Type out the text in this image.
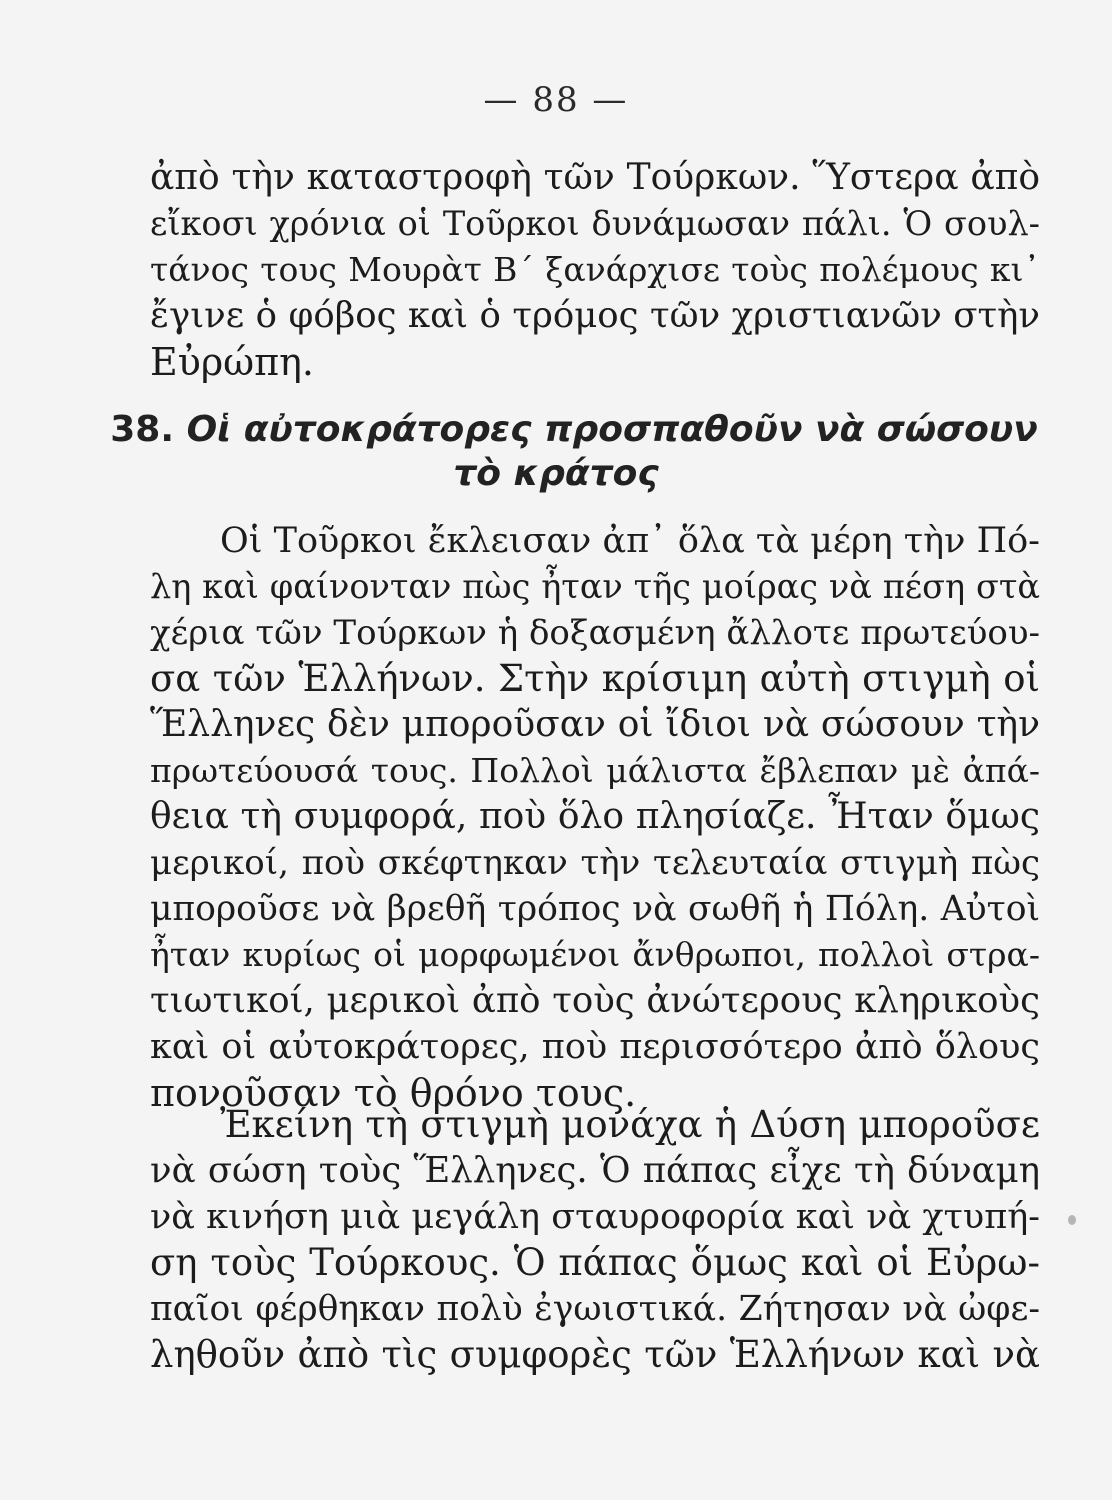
— 88 —
ἀπὸ τὴν καταστροφὴ τῶν Τούρκων. Ὕστερα ἀπὸ
εἴκοσι χρόνια οἱ Τοῦρκοι δυνάμωσαν πάλι. Ὁ σουλ-
τάνος τους Μουρὰτ Β΄ ξανάρχισε τοὺς πολέμους κι᾿
ἔγινε ὁ φόβος καὶ ὁ τρόμος τῶν χριστιανῶν στὴν
Εὐρώπη.
38. Οἱ αὐτοκράτορες προσπαθοῦν νὰ σώσουν
τὸ κράτος
Οἱ Τοῦρκοι ἔκλεισαν ἀπ᾿ ὅλα τὰ μέρη τὴν Πό-
λη καὶ φαίνονταν πὼς ἦταν τῆς μοίρας νὰ πέση στὰ
χέρια τῶν Τούρκων ἡ δοξασμένη ἄλλοτε πρωτεύου-
σα τῶν Ἑλλήνων. Στὴν κρίσιμη αὐτὴ στιγμὴ οἱ
Ἕλληνες δὲν μποροῦσαν οἱ ἴδιοι νὰ σώσουν τὴν
πρωτεύουσά τους. Πολλοὶ μάλιστα ἔβλεπαν μὲ ἀπά-
θεια τὴ συμφορά, ποὺ ὅλο πλησίαζε. Ἦταν ὅμως
μερικοί, ποὺ σκέφτηκαν τὴν τελευταία στιγμὴ πὼς
μποροῦσε νὰ βρεθῆ τρόπος νὰ σωθῆ ἡ Πόλη. Αὐτοὶ
ἦταν κυρίως οἱ μορφωμένοι ἄνθρωποι, πολλοὶ στρα-
τιωτικοί, μερικοὶ ἀπὸ τοὺς ἀνώτερους κληρικοὺς
καὶ οἱ αὐτοκράτορες, ποὺ περισσότερο ἀπὸ ὅλους
πονοῦσαν τὸ θρόνο τους.
Ἐκείνη τὴ στιγμὴ μονάχα ἡ Δύση μποροῦσε
νὰ σώση τοὺς Ἕλληνες. Ὁ πάπας εἶχε τὴ δύναμη
νὰ κινήση μιὰ μεγάλη σταυροφορία καὶ νὰ χτυπή-
ση τοὺς Τούρκους. Ὁ πάπας ὅμως καὶ οἱ Εὐρω-
παῖοι φέρθηκαν πολὺ ἐγωιστικά. Ζήτησαν νὰ ὠφε-
ληθοῦν ἀπὸ τὶς συμφορὲς τῶν Ἑλλήνων καὶ νὰ
